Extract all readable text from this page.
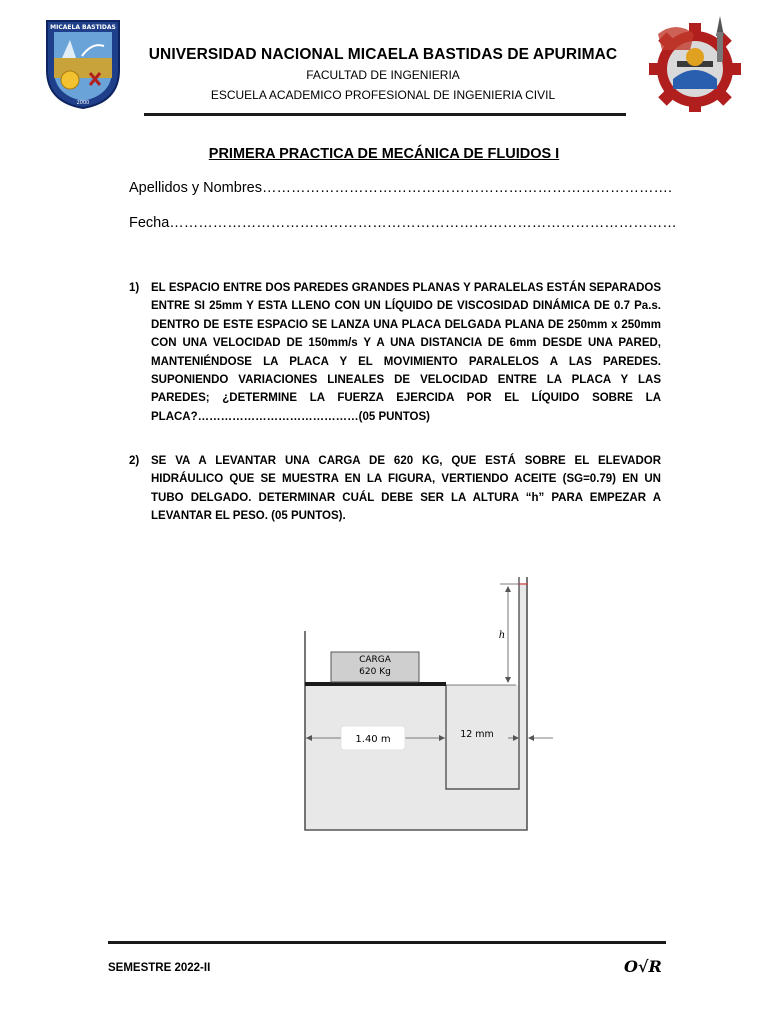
MICAELA BASTIDAS
2000
UNIVERSIDAD NACIONAL MICAELA BASTIDAS DE APURIMAC
FACULTAD DE INGENIERIA
ESCUELA ACADEMICO PROFESIONAL DE INGENIERIA CIVIL
PRIMERA PRACTICA DE MECÁNICA DE FLUIDOS I
Apellidos y Nombres………………………………………………………………………….
Fecha……………………………………………………………………………………………
1) EL ESPACIO ENTRE DOS PAREDES GRANDES PLANAS Y PARALELAS ESTÁN SEPARADOS ENTRE SI 25mm Y ESTA LLENO CON UN LÍQUIDO DE VISCOSIDAD DINÁMICA DE 0.7 Pa.s. DENTRO DE ESTE ESPACIO SE LANZA UNA PLACA DELGADA PLANA DE 250mm x 250mm CON UNA VELOCIDAD DE 150mm/s Y A UNA DISTANCIA DE 6mm DESDE UNA PARED, MANTENIÉNDOSE LA PLACA Y EL MOVIMIENTO PARALELOS A LAS PAREDES. SUPONIENDO VARIACIONES LINEALES DE VELOCIDAD ENTRE LA PLACA Y LAS PAREDES; ¿DETERMINE LA FUERZA EJERCIDA POR EL LÍQUIDO SOBRE LA PLACA?……………………………………(05 PUNTOS)
2) SE VA A LEVANTAR UNA CARGA DE 620 KG, QUE ESTÁ SOBRE EL ELEVADOR HIDRÁULICO QUE SE MUESTRA EN LA FIGURA, VERTIENDO ACEITE (SG=0.79) EN UN TUBO DELGADO. DETERMINAR CUÁL DEBE SER LA ALTURA “h” PARA EMPEZAR A LEVANTAR EL PESO. (05 PUNTOS).
CARGA
620 Kg
h
1.40 m	12 mm
SEMESTRE 2022-II	O√R
